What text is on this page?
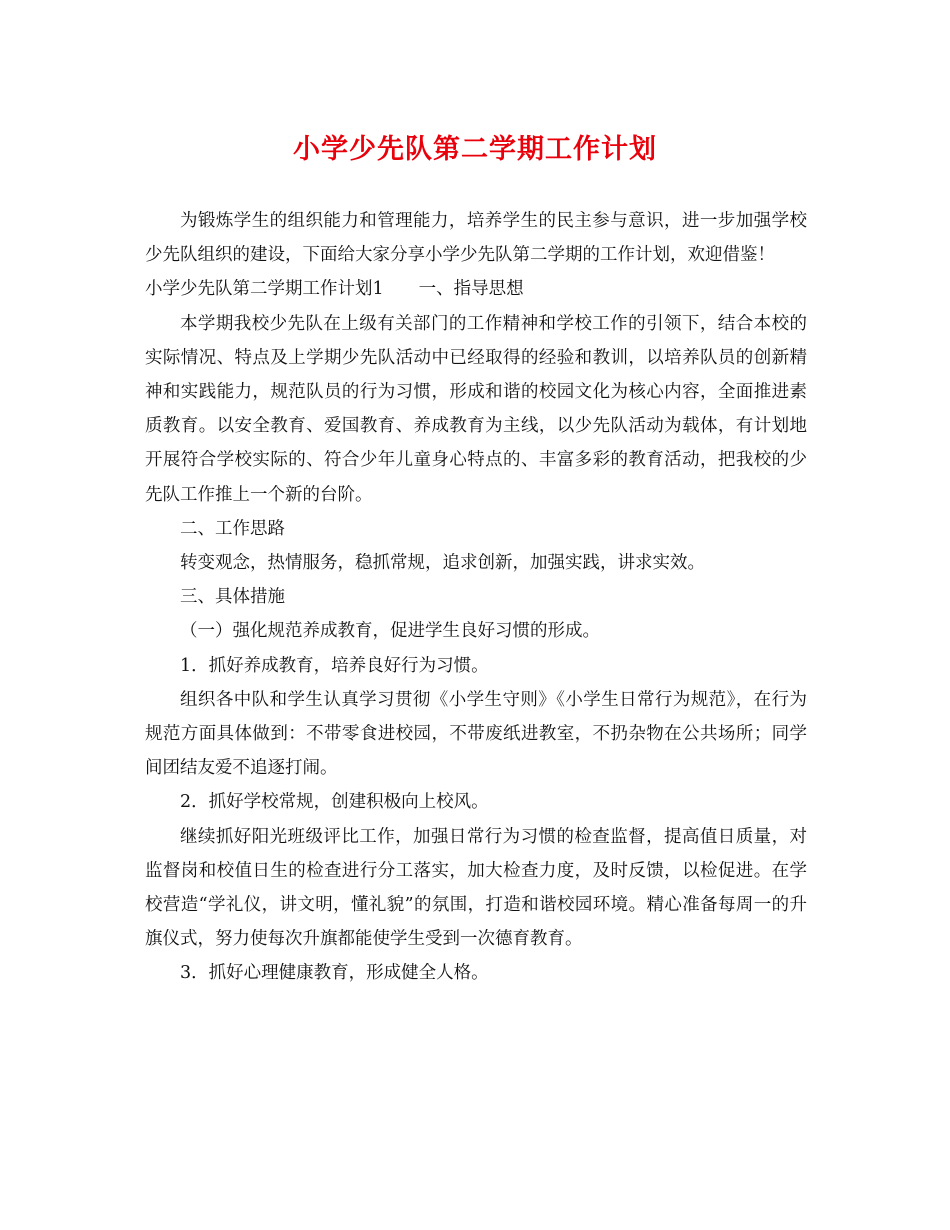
小学少先队第二学期工作计划

为锻炼学生的组织能力和管理能力，培养学生的民主参与意识，进一步加强学校少先队组织的建设，下面给大家分享小学少先队第二学期的工作计划，欢迎借鉴！

小学少先队第二学期工作计划1　　一、指导思想

本学期我校少先队在上级有关部门的工作精神和学校工作的引领下，结合本校的实际情况、特点及上学期少先队活动中已经取得的经验和教训，以培养队员的创新精神和实践能力，规范队员的行为习惯，形成和谐的校园文化为核心内容，全面推进素质教育。以安全教育、爱国教育、养成教育为主线，以少先队活动为载体，有计划地开展符合学校实际的、符合少年儿童身心特点的、丰富多彩的教育活动，把我校的少先队工作推上一个新的台阶。

二、工作思路

转变观念，热情服务，稳抓常规，追求创新，加强实践，讲求实效。

三、具体措施

（一）强化规范养成教育，促进学生良好习惯的形成。

1．抓好养成教育，培养良好行为习惯。

组织各中队和学生认真学习贯彻《小学生守则》《小学生日常行为规范》，在行为规范方面具体做到：不带零食进校园，不带废纸进教室，不扔杂物在公共场所；同学间团结友爱不追逐打闹。

2．抓好学校常规，创建积极向上校风。

继续抓好阳光班级评比工作，加强日常行为习惯的检查监督，提高值日质量，对监督岗和校值日生的检查进行分工落实，加大检查力度，及时反馈，以检促进。在学校营造“学礼仪，讲文明，懂礼貌”的氛围，打造和谐校园环境。精心准备每周一的升旗仪式，努力使每次升旗都能使学生受到一次德育教育。

3．抓好心理健康教育，形成健全人格。
